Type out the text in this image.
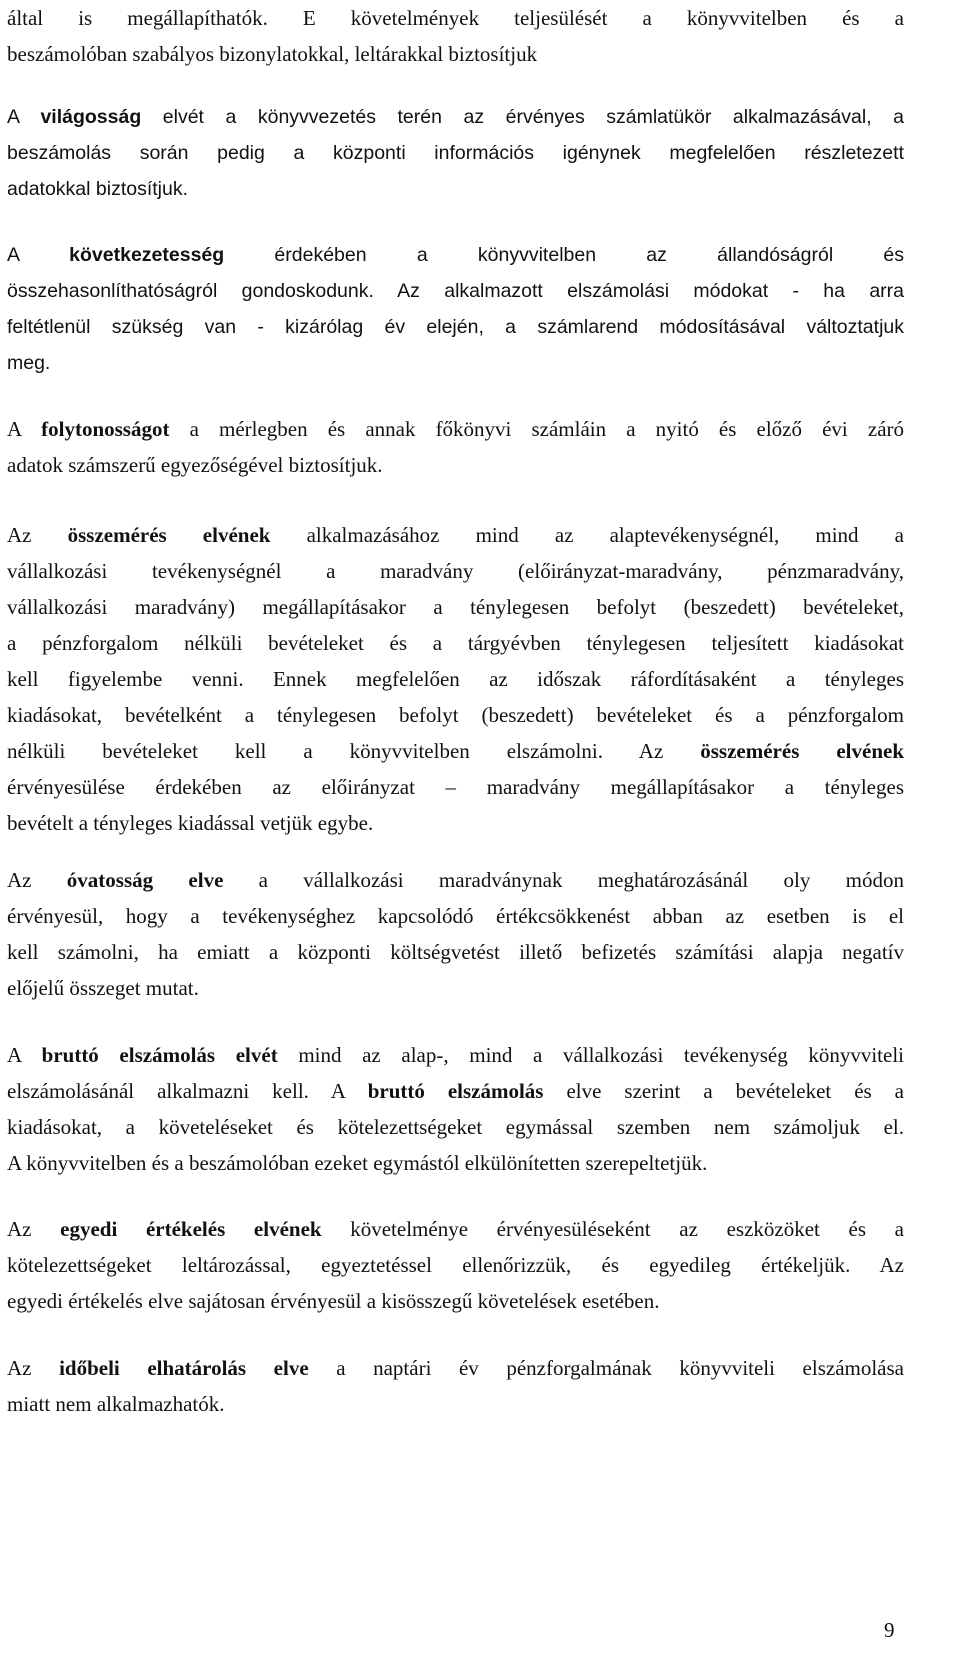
által is megállapíthatók. E követelmények teljesülését a könyvvitelben és a
beszámolóban szabályos bizonylatokkal, leltárakkal biztosítjuk
A világosság elvét a könyvvezetés terén az érvényes számlatükör alkalmazásával, a
beszámolás során pedig a központi információs igénynek megfelelően részletezett
adatokkal biztosítjuk.
A következetesség érdekében a könyvvitelben az állandóságról és
összehasonlíthatóságról gondoskodunk. Az alkalmazott elszámolási módokat - ha arra
feltétlenül szükség van - kizárólag év elején, a számlarend módosításával változtatjuk
meg.
A folytonosságot a mérlegben és annak főkönyvi számláin a nyitó és előző évi záró
adatok számszerű egyezőségével biztosítjuk.
Az összemérés elvének alkalmazásához mind az alaptevékenységnél, mind a
vállalkozási tevékenységnél a maradvány (előirányzat-maradvány, pénzmaradvány,
vállalkozási maradvány) megállapításakor a ténylegesen befolyt (beszedett) bevételeket,
a pénzforgalom nélküli bevételeket és a tárgyévben ténylegesen teljesített kiadásokat
kell figyelembe venni. Ennek megfelelően az időszak ráfordításaként a tényleges
kiadásokat, bevételként a ténylegesen befolyt (beszedett) bevételeket és a pénzforgalom
nélküli bevételeket kell a könyvvitelben elszámolni. Az összemérés elvének
érvényesülése érdekében az előirányzat – maradvány megállapításakor a tényleges
bevételt a tényleges kiadással vetjük egybe.
Az óvatosság elve a vállalkozási maradványnak meghatározásánál oly módon
érvényesül, hogy a tevékenységhez kapcsolódó értékcsökkenést abban az esetben is el
kell számolni, ha emiatt a központi költségvetést illető befizetés számítási alapja negatív
előjelű összeget mutat.
A bruttó elszámolás elvét mind az alap-, mind a vállalkozási tevékenység könyvviteli
elszámolásánál alkalmazni kell. A bruttó elszámolás elve szerint a bevételeket és a
kiadásokat, a követeléseket és kötelezettségeket egymással szemben nem számoljuk el.
A könyvvitelben és a beszámolóban ezeket egymástól elkülönítetten szerepeltetjük.
Az egyedi értékelés elvének követelménye érvényesüléseként az eszközöket és a
kötelezettségeket leltározással, egyeztetéssel ellenőrizzük, és egyedileg értékeljük. Az
egyedi értékelés elve sajátosan érvényesül a kisösszegű követelések esetében.
Az időbeli elhatárolás elve a naptári év pénzforgalmának könyvviteli elszámolása
miatt nem alkalmazhatók.
9
